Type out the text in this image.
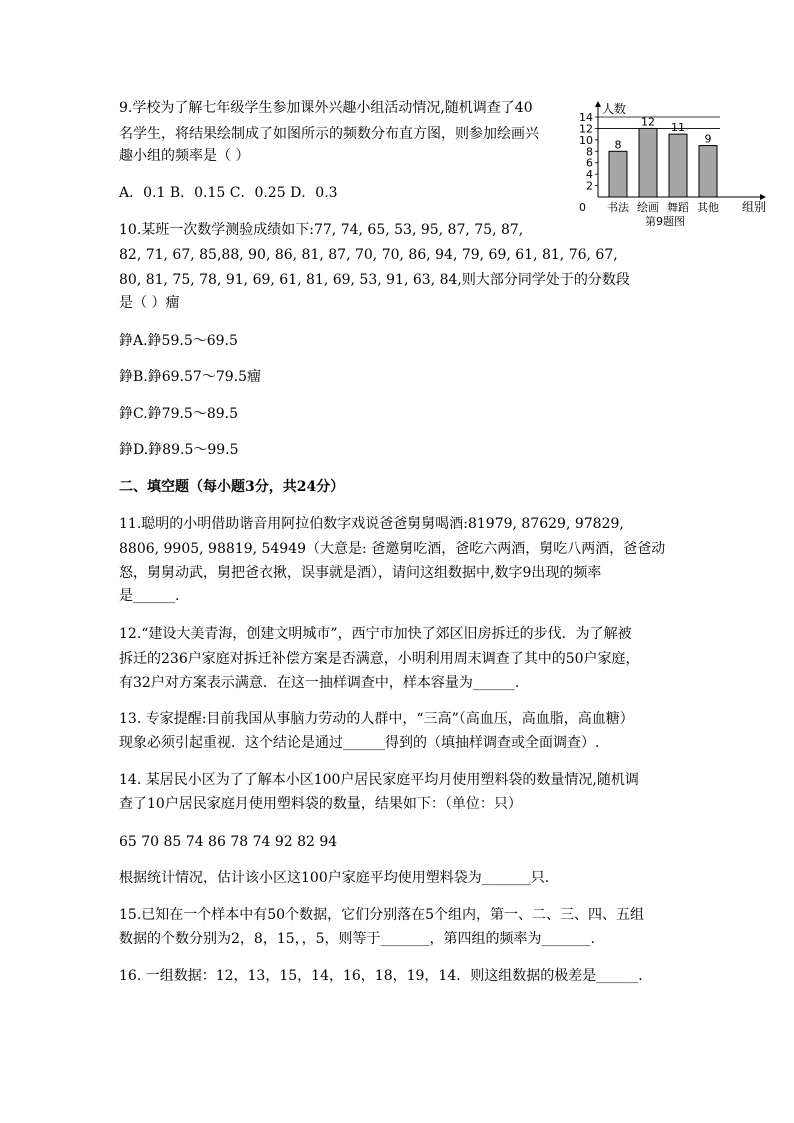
9.学校为了解七年级学生参加课外兴趣小组活动情况,随机调查了40
名学生，将结果绘制成了如图所示的频数分布直方图，则参加绘画兴
趣小组的频率是（ ）
A．0.1 B．0.15 C．0.25 D．0.3
10.某班一次数学测验成绩如下:77, 74, 65, 53, 95, 87, 75, 87,
82, 71, 67, 85,88, 90, 86, 81, 87, 70, 70, 86, 94, 79, 69, 61, 81, 76, 67,
80, 81, 75, 78, 91, 69, 61, 81, 69, 53, 91, 63, 84,则大部分同学处于的分数段
是（ ）癅
錚A.錚59.5～69.5
錚B.錚69.57～79.5癅
錚C.錚79.5～89.5
錚D.錚89.5～99.5
二、填空题（每小题3分，共24分）
11.聪明的小明借助谐音用阿拉伯数字戏说爸爸舅舅喝酒:81979, 87629, 97829,
8806, 9905, 98819, 54949（大意是: 爸邀舅吃酒，爸吃六两酒，舅吃八两酒，爸爸动
怒，舅舅动武，舅把爸衣揪，误事就是酒），请问这组数据中,数字9出现的频率
是______.
12.“建设大美青海，创建文明城市”，西宁市加快了郊区旧房拆迁的步伐．为了解被
拆迁的236户家庭对拆迁补偿方案是否满意，小明利用周末调查了其中的50户家庭，
有32户对方案表示满意．在这一抽样调查中，样本容量为______.
13. 专家提醒:目前我国从事脑力劳动的人群中，“三高”（高血压，高血脂，高血糖）
现象必须引起重视．这个结论是通过______得到的（填抽样调查或全面调查）.
14. 某居民小区为了了解本小区100户居民家庭平均月使用塑料袋的数量情况,随机调
查了10户居民家庭月使用塑料袋的数量，结果如下：（单位：只）
65 70 85 74 86 78 74 92 82 94
根据统计情况，估计该小区这100户家庭平均使用塑料袋为_______只.
15.已知在一个样本中有50个数据，它们分别落在5个组内，第一、二、三、四、五组
数据的个数分别为2，8，15，，5，则等于_______，第四组的频率为_______.
16. 一组数据：12，13，15，14，16，18，19，14．则这组数据的极差是______.
0
2
4
6
8
10
12
14
人数
8
书法
12
绘画
11
舞蹈
9
其他 组别
第9题图
